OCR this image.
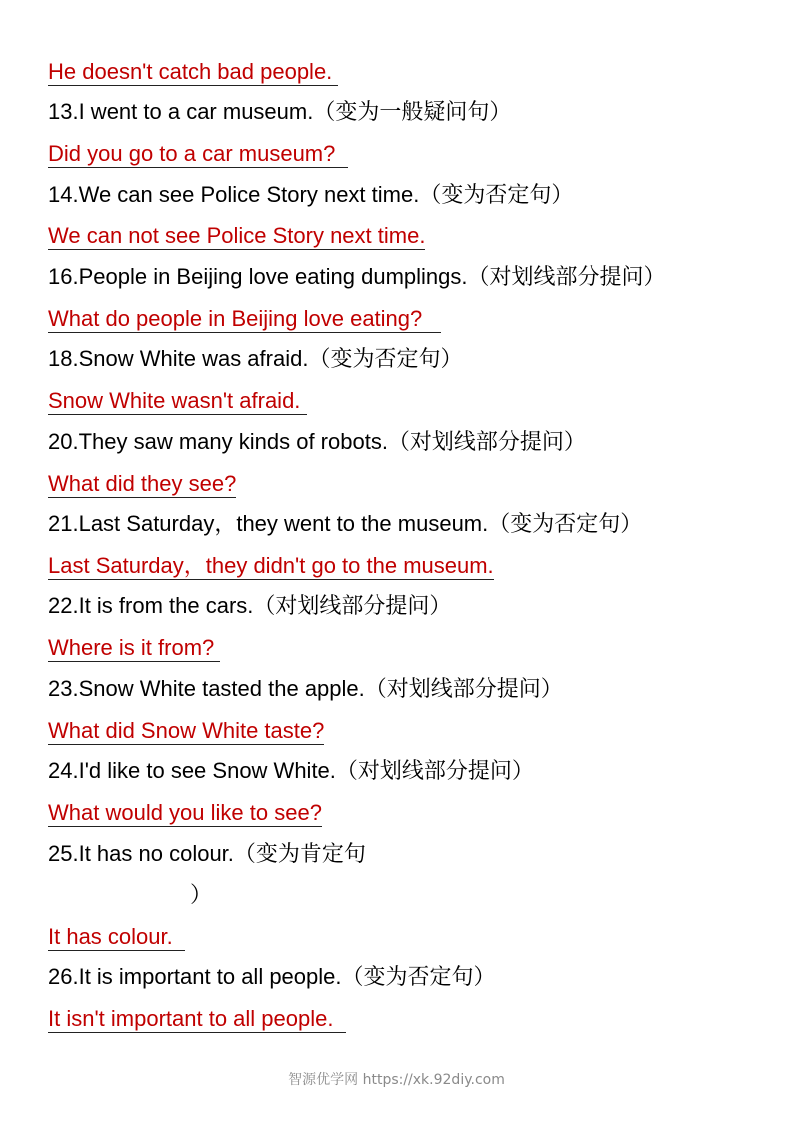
He doesn't catch bad people.
13.I went to a car museum.（变为一般疑问句）
Did you go to a car museum?
14.We can see Police Story next time.（变为否定句）
We can not see Police Story next time.
16.People in Beijing love eating dumplings.（对划线部分提问）
What do people in Beijing love eating?
18.Snow White was afraid.（变为否定句）
Snow White wasn't afraid.
20.They saw many kinds of robots.（对划线部分提问）
What did they see?
21.Last Saturday，they went to the museum.（变为否定句）
Last Saturday，they didn't go to the museum.
22.It is from the cars.（对划线部分提问）
Where is it from?
23.Snow White tasted the apple.（对划线部分提问）
What did Snow White taste?
24.I'd like to see Snow White.（对划线部分提问）
What would you like to see?
25.It has no colour.（变为肯定句
）
It has colour.
26.It is important to all people.（变为否定句）
It isn't important to all people.
智源优学网 https://xk.92diy.com
